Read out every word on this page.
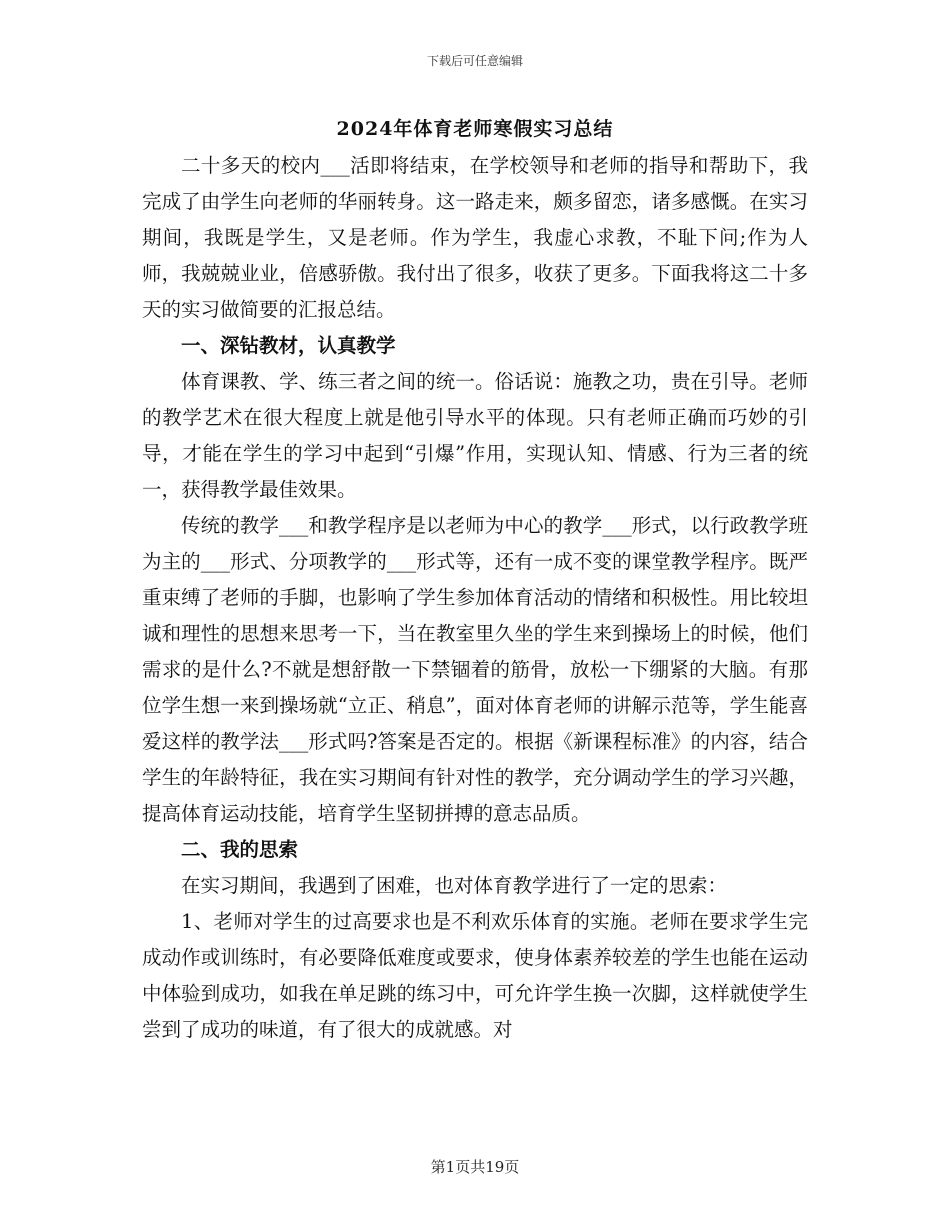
下载后可任意编辑
2024年体育老师寒假实习总结

二十多天的校内___活即将结束，在学校领导和老师的指导和帮助下，我完成了由学生向老师的华丽转身。这一路走来，颇多留恋，诸多感慨。在实习期间，我既是学生，又是老师。作为学生，我虚心求教，不耻下问;作为人师，我兢兢业业，倍感骄傲。我付出了很多，收获了更多。下面我将这二十多天的实习做简要的汇报总结。

一、深钻教材，认真教学

体育课教、学、练三者之间的统一。俗话说：施教之功，贵在引导。老师的教学艺术在很大程度上就是他引导水平的体现。只有老师正确而巧妙的引导，才能在学生的学习中起到“引爆”作用，实现认知、情感、行为三者的统一，获得教学最佳效果。

传统的教学___和教学程序是以老师为中心的教学___形式，以行政教学班为主的___形式、分项教学的___形式等，还有一成不变的课堂教学程序。既严重束缚了老师的手脚，也影响了学生参加体育活动的情绪和积极性。用比较坦诚和理性的思想来思考一下，当在教室里久坐的学生来到操场上的时候，他们需求的是什么?不就是想舒散一下禁锢着的筋骨，放松一下绷紧的大脑。有那位学生想一来到操场就“立正、稍息”，面对体育老师的讲解示范等，学生能喜爱这样的教学法___形式吗?答案是否定的。根据《新课程标准》的内容，结合学生的年龄特征，我在实习期间有针对性的教学，充分调动学生的学习兴趣，提高体育运动技能，培育学生坚韧拼搏的意志品质。

二、我的思索

在实习期间，我遇到了困难，也对体育教学进行了一定的思索：

1、老师对学生的过高要求也是不利欢乐体育的实施。老师在要求学生完成动作或训练时，有必要降低难度或要求，使身体素养较差的学生也能在运动中体验到成功，如我在单足跳的练习中，可允许学生换一次脚，这样就使学生尝到了成功的味道，有了很大的成就感。对

第1页共19页
